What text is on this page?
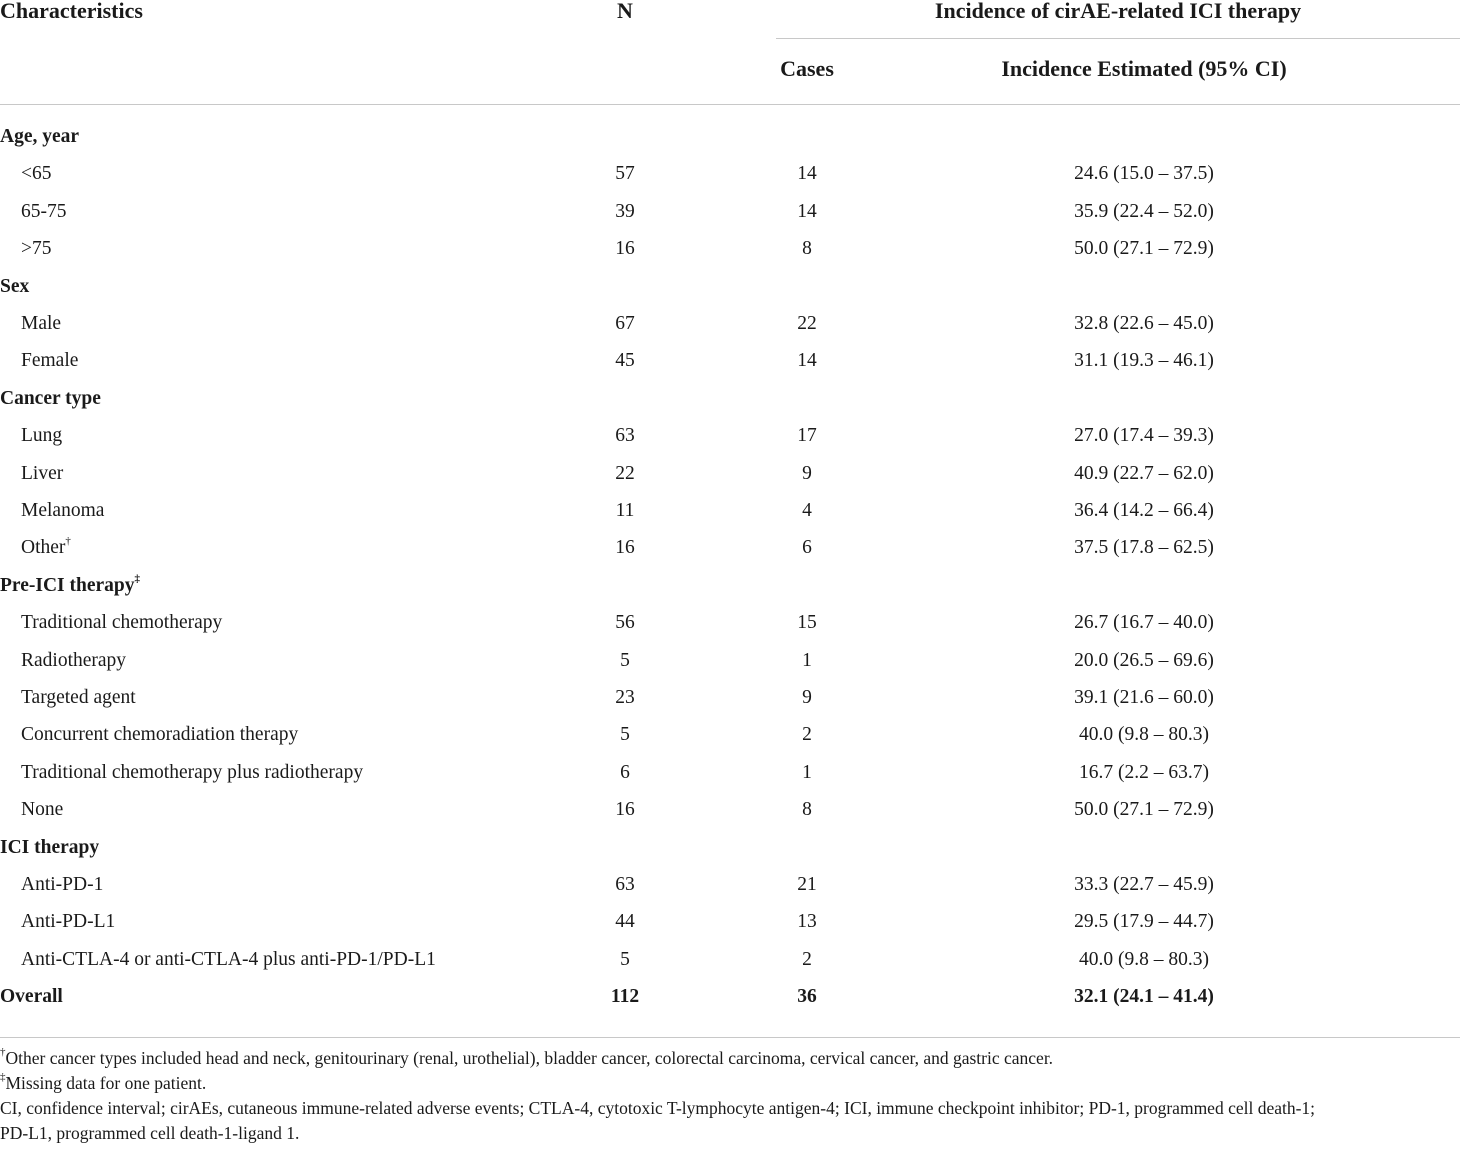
Characteristics	N	Incidence of cirAE-related ICI therapy
Cases	Incidence Estimated (95% CI)
Age, year
<65	57	14	24.6 (15.0 – 37.5)
65-75	39	14	35.9 (22.4 – 52.0)
>75	16	8	50.0 (27.1 – 72.9)
Sex
Male	67	22	32.8 (22.6 – 45.0)
Female	45	14	31.1 (19.3 – 46.1)
Cancer type
Lung	63	17	27.0 (17.4 – 39.3)
Liver	22	9	40.9 (22.7 – 62.0)
Melanoma	11	4	36.4 (14.2 – 66.4)
Other†	16	6	37.5 (17.8 – 62.5)
Pre-ICI therapy‡
Traditional chemotherapy	56	15	26.7 (16.7 – 40.0)
Radiotherapy	5	1	20.0 (26.5 – 69.6)
Targeted agent	23	9	39.1 (21.6 – 60.0)
Concurrent chemoradiation therapy	5	2	40.0 (9.8 – 80.3)
Traditional chemotherapy plus radiotherapy	6	1	16.7 (2.2 – 63.7)
None	16	8	50.0 (27.1 – 72.9)
ICI therapy
Anti-PD-1	63	21	33.3 (22.7 – 45.9)
Anti-PD-L1	44	13	29.5 (17.9 – 44.7)
Anti-CTLA-4 or anti-CTLA-4 plus anti-PD-1/PD-L1	5	2	40.0 (9.8 – 80.3)
Overall	112	36	32.1 (24.1 – 41.4)
†Other cancer types included head and neck, genitourinary (renal, urothelial), bladder cancer, colorectal carcinoma, cervical cancer, and gastric cancer.
‡Missing data for one patient.
CI, confidence interval; cirAEs, cutaneous immune-related adverse events; CTLA-4, cytotoxic T-lymphocyte antigen-4; ICI, immune checkpoint inhibitor; PD-1, programmed cell death-1;
PD-L1, programmed cell death-1-ligand 1.
